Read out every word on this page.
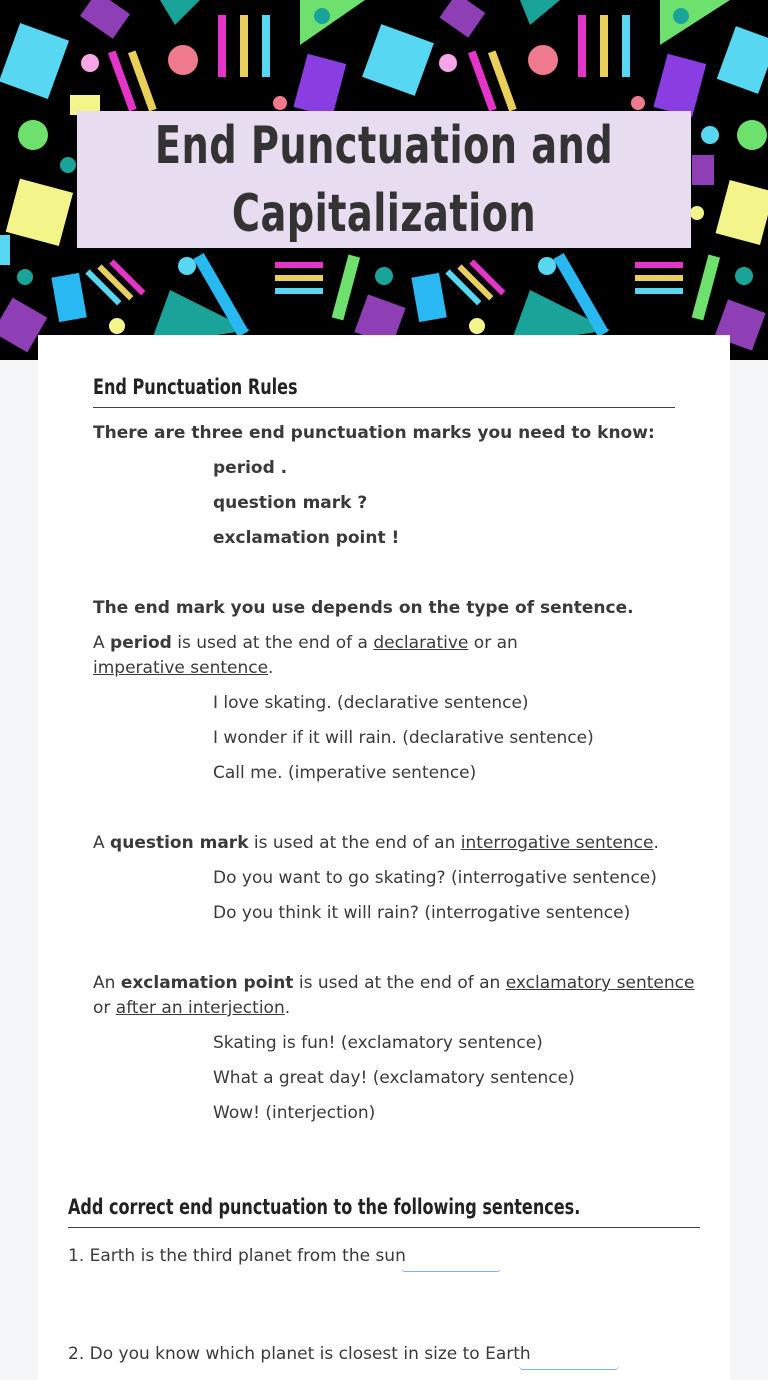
End Punctuation and Capitalization
End Punctuation Rules
There are three end punctuation marks you need to know:
period .
question mark ?
exclamation point !
The end mark you use depends on the type of sentence.
A period is used at the end of a declarative or an
imperative sentence.
I love skating. (declarative sentence)
I wonder if it will rain. (declarative sentence)
Call me. (imperative sentence)
A question mark is used at the end of an interrogative sentence.
Do you want to go skating? (interrogative sentence)
Do you think it will rain? (interrogative sentence)
An exclamation point is used at the end of an exclamatory sentence
or after an interjection.
Skating is fun! (exclamatory sentence)
What a great day! (exclamatory sentence)
Wow! (interjection)
Add correct end punctuation to the following sentences.
1. Earth is the third planet from the sun
2. Do you know which planet is closest in size to Earth
